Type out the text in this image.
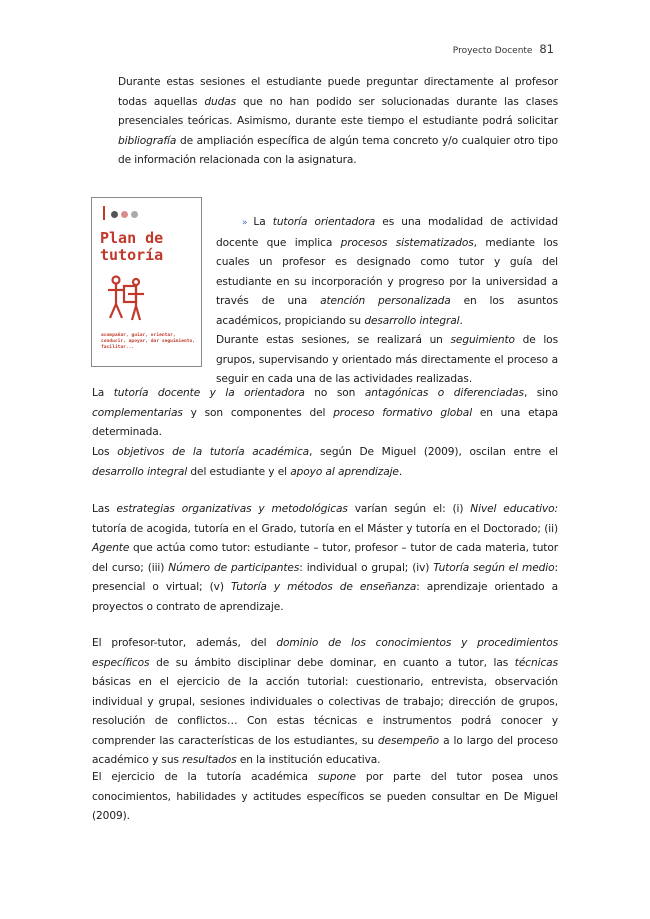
Proyecto Docente 81
Durante estas sesiones el estudiante puede preguntar directamente al profesor todas aquellas dudas que no han podido ser solucionadas durante las clases presenciales teóricas. Asimismo, durante este tiempo el estudiante podrá solicitar bibliografía de ampliación específica de algún tema concreto y/o cualquier otro tipo de información relacionada con la asignatura.
Plan de
tutoría
acompañar, guiar, orientar, conducir, apoyar, dar seguimiento, facilitar...
» La tutoría orientadora es una modalidad de actividad docente que implica procesos sistematizados, mediante los cuales un profesor es designado como tutor y guía del estudiante en su incorporación y progreso por la universidad a través de una atención personalizada en los asuntos académicos, propiciando su desarrollo integral.
Durante estas sesiones, se realizará un seguimiento de los grupos, supervisando y orientado más directamente el proceso a seguir en cada una de las actividades realizadas.
La tutoría docente y la orientadora no son antagónicas o diferenciadas, sino complementarias y son componentes del proceso formativo global en una etapa determinada.
Los objetivos de la tutoría académica, según De Miguel (2009), oscilan entre el desarrollo integral del estudiante y el apoyo al aprendizaje.
Las estrategias organizativas y metodológicas varían según el: (i) Nivel educativo: tutoría de acogida, tutoría en el Grado, tutoría en el Máster y tutoría en el Doctorado; (ii) Agente que actúa como tutor: estudiante – tutor, profesor – tutor de cada materia, tutor del curso; (iii) Número de participantes: individual o grupal; (iv) Tutoría según el medio: presencial o virtual; (v) Tutoría y métodos de enseñanza: aprendizaje orientado a proyectos o contrato de aprendizaje.
El profesor-tutor, además, del dominio de los conocimientos y procedimientos específicos de su ámbito disciplinar debe dominar, en cuanto a tutor, las técnicas básicas en el ejercicio de la acción tutorial: cuestionario, entrevista, observación individual y grupal, sesiones individuales o colectivas de trabajo; dirección de grupos, resolución de conflictos… Con estas técnicas e instrumentos podrá conocer y comprender las características de los estudiantes, su desempeño a lo largo del proceso académico y sus resultados en la institución educativa.
El ejercicio de la tutoría académica supone por parte del tutor posea unos conocimientos, habilidades y actitudes específicos se pueden consultar en De Miguel (2009).
